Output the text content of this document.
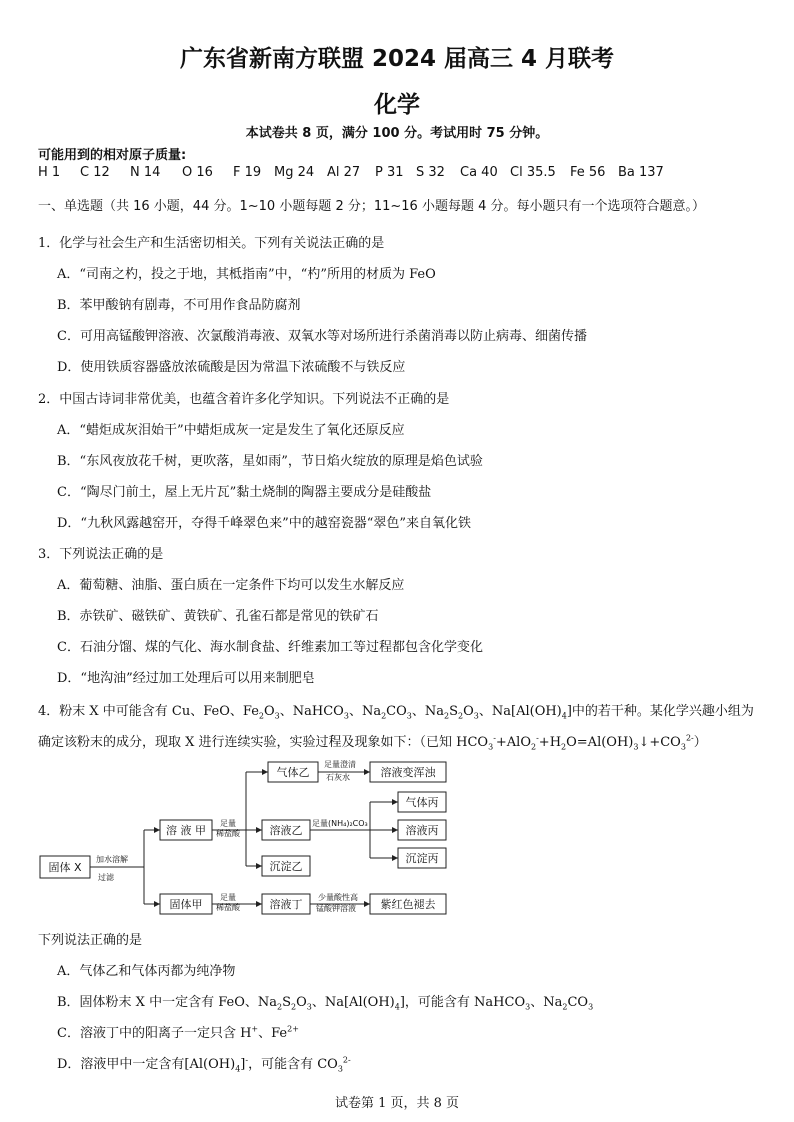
广东省新南方联盟 2024 届高三 4 月联考
化学
本试卷共 8 页，满分 100 分。考试用时 75 分钟。
可能用到的相对原子质量:
H 1 C 12 N 14 O 16 F 19 Mg 24 Al 27 P 31 S 32 Ca 40 Cl 35.5 Fe 56 Ba 137
一、单选题（共 16 小题，44 分。1~10 小题每题 2 分；11~16 小题每题 4 分。每小题只有一个选项符合题意。）
1．化学与社会生产和生活密切相关。下列有关说法正确的是
A．“司南之杓，投之于地，其柢指南”中，“杓”所用的材质为 FeO
B．苯甲酸钠有剧毒，不可用作食品防腐剂
C．可用高锰酸钾溶液、次氯酸消毒液、双氧水等对场所进行杀菌消毒以防止病毒、细菌传播
D．使用铁质容器盛放浓硫酸是因为常温下浓硫酸不与铁反应
2．中国古诗词非常优美，也蕴含着许多化学知识。下列说法不正确的是
A．“蜡炬成灰泪始干”中蜡炬成灰一定是发生了氧化还原反应
B．“东风夜放花千树，更吹落，星如雨”，节日焰火绽放的原理是焰色试验
C．“陶尽门前土，屋上无片瓦”黏土烧制的陶器主要成分是硅酸盐
D．“九秋风露越窑开，夺得千峰翠色来”中的越窑瓷器“翠色”来自氧化铁
3．下列说法正确的是
A．葡萄糖、油脂、蛋白质在一定条件下均可以发生水解反应
B．赤铁矿、磁铁矿、黄铁矿、孔雀石都是常见的铁矿石
C．石油分馏、煤的气化、海水制食盐、纤维素加工等过程都包含化学变化
D．“地沟油”经过加工处理后可以用来制肥皂
4．粉末 X 中可能含有 Cu、FeO、$Fe_2O_3$、NaHCO$_3$、$Na_2CO_3$、$Na_2S_2O_3$、$Na[Al(OH)_4]$中的若干种。某化学兴趣小组为
确定该粉末的成分，现取 X 进行连续实验，实验过程及现象如下：（已知 $HCO_3^-+AlO_2^-+H_2O=Al(OH)_3↓+CO_3^{2-}$）
固体 X
溶 液 甲
固体甲
气体乙
溶液乙
沉淀乙
溶液丁
溶液变浑浊
气体丙
溶液丙
沉淀丙
紫红色褪去
加水溶解
过滤
足量
稀盐酸
足量
稀盐酸
足量澄清
石灰水
足量(NH₄)₂CO₃
少量酸性高
锰酸钾溶液
下列说法正确的是
A．气体乙和气体丙都为纯净物
B．固体粉末 X 中一定含有 FeO、$Na_2S_2O_3$、$Na[Al(OH)_4]$，可能含有 NaHCO$_3$、$Na_2CO_3$
C．溶液丁中的阳离子一定只含 H+、$Fe^{2+}$
D．溶液甲中一定含有$[Al(OH)_4]^-$，可能含有 $CO_3^{2-}$
试卷第 1 页，共 8 页
